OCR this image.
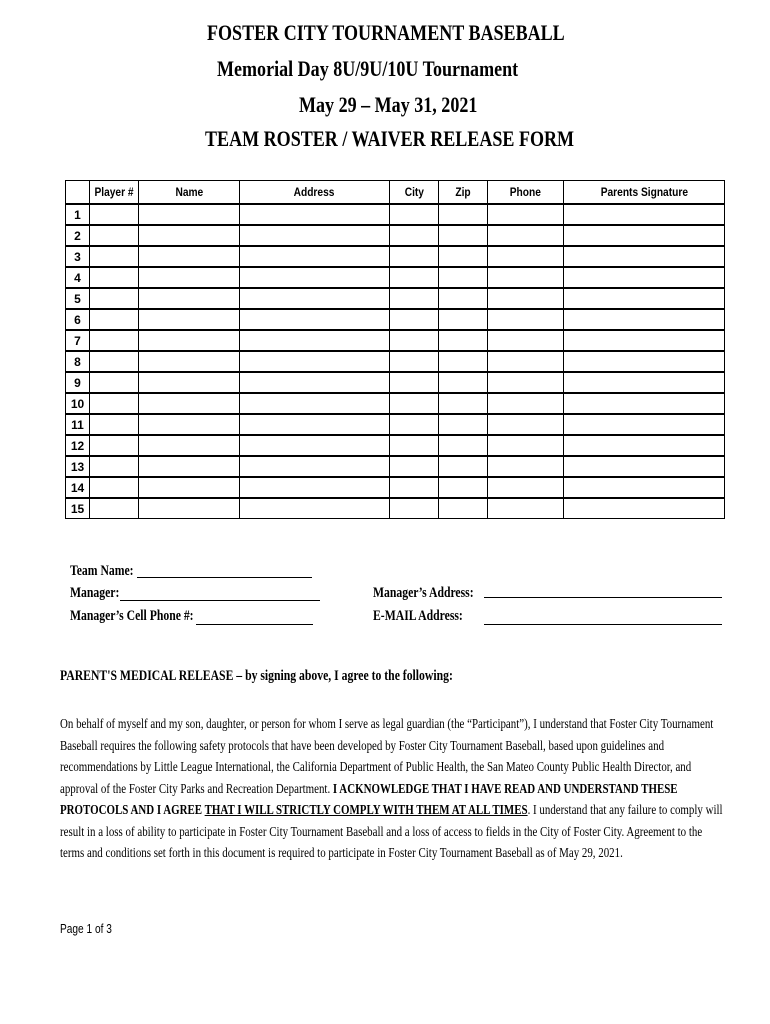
FOSTER CITY TOURNAMENT BASEBALL
Memorial Day 8U/9U/10U Tournament
May 29 – May 31, 2021
TEAM ROSTER / WAIVER RELEASE FORM
	Player #	Name	Address	City	Zip	Phone	Parents Signature
1							
2							
3							
4							
5							
6							
7							
8							
9							
10							
11							
12							
13							
14							
15							
Team Name:
Manager:
Manager’s Cell Phone #:
Manager’s Address:
E-MAIL Address:
PARENT'S MEDICAL RELEASE – by signing above, I agree to the following:
On behalf of myself and my son, daughter, or person for whom I serve as legal guardian (the “Participant”), I understand that Foster City Tournament Baseball requires the following safety protocols that have been developed by Foster City Tournament Baseball, based upon guidelines and recommendations by Little League International, the California Department of Public Health, the San Mateo County Public Health Director, and approval of the Foster City Parks and Recreation Department. I ACKNOWLEDGE THAT I HAVE READ AND UNDERSTAND THESE PROTOCOLS AND I AGREE THAT I WILL STRICTLY COMPLY WITH THEM AT ALL TIMES. I understand that any failure to comply will result in a loss of ability to participate in Foster City Tournament Baseball and a loss of access to fields in the City of Foster City. Agreement to the terms and conditions set forth in this document is required to participate in Foster City Tournament Baseball as of May 29, 2021.
Page 1 of 3
